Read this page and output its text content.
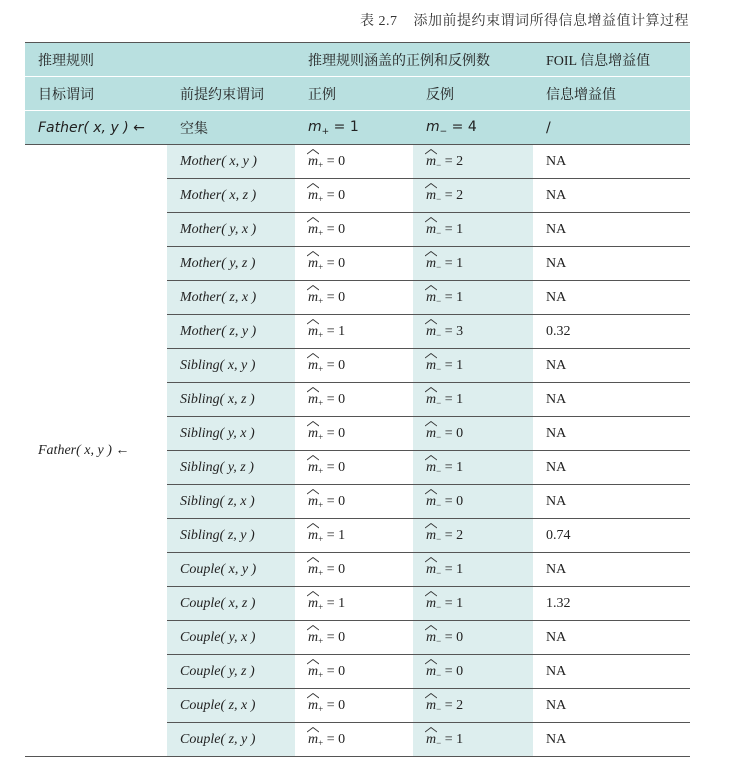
表 2.7 添加前提约束谓词所得信息增益值计算过程
推理规则		推理规则涵盖的正例和反例数		FOIL 信息增益值
目标谓词	前提约束谓词	正例	反例	信息增益值
Father( x, y ) ←	空集	$m_+ = 1$	$m_- = 4$	/
Father( x, y ) ←	Mother( x, y )	$m_+ = 0$	$m_- = 2$	NA
	Mother( x, z )	$m_+ = 0$	$m_- = 2$	NA
	Mother( y, x )	$m_+ = 0$	$m_- = 1$	NA
	Mother( y, z )	$m_+ = 0$	$m_- = 1$	NA
	Mother( z, x )	$m_+ = 0$	$m_- = 1$	NA
	Mother( z, y )	$m_+ = 1$	$m_- = 3$	0.32
	Sibling( x, y )	$m_+ = 0$	$m_- = 1$	NA
	Sibling( x, z )	$m_+ = 0$	$m_- = 1$	NA
	Sibling( y, x )	$m_+ = 0$	$m_- = 0$	NA
	Sibling( y, z )	$m_+ = 0$	$m_- = 1$	NA
	Sibling( z, x )	$m_+ = 0$	$m_- = 0$	NA
	Sibling( z, y )	$m_+ = 1$	$m_- = 2$	0.74
	Couple( x, y )	$m_+ = 0$	$m_- = 1$	NA
	Couple( x, z )	$m_+ = 1$	$m_- = 1$	1.32
	Couple( y, x )	$m_+ = 0$	$m_- = 0$	NA
	Couple( y, z )	$m_+ = 0$	$m_- = 0$	NA
	Couple( z, x )	$m_+ = 0$	$m_- = 2$	NA
	Couple( z, y )	$m_+ = 0$	$m_- = 1$	NA
